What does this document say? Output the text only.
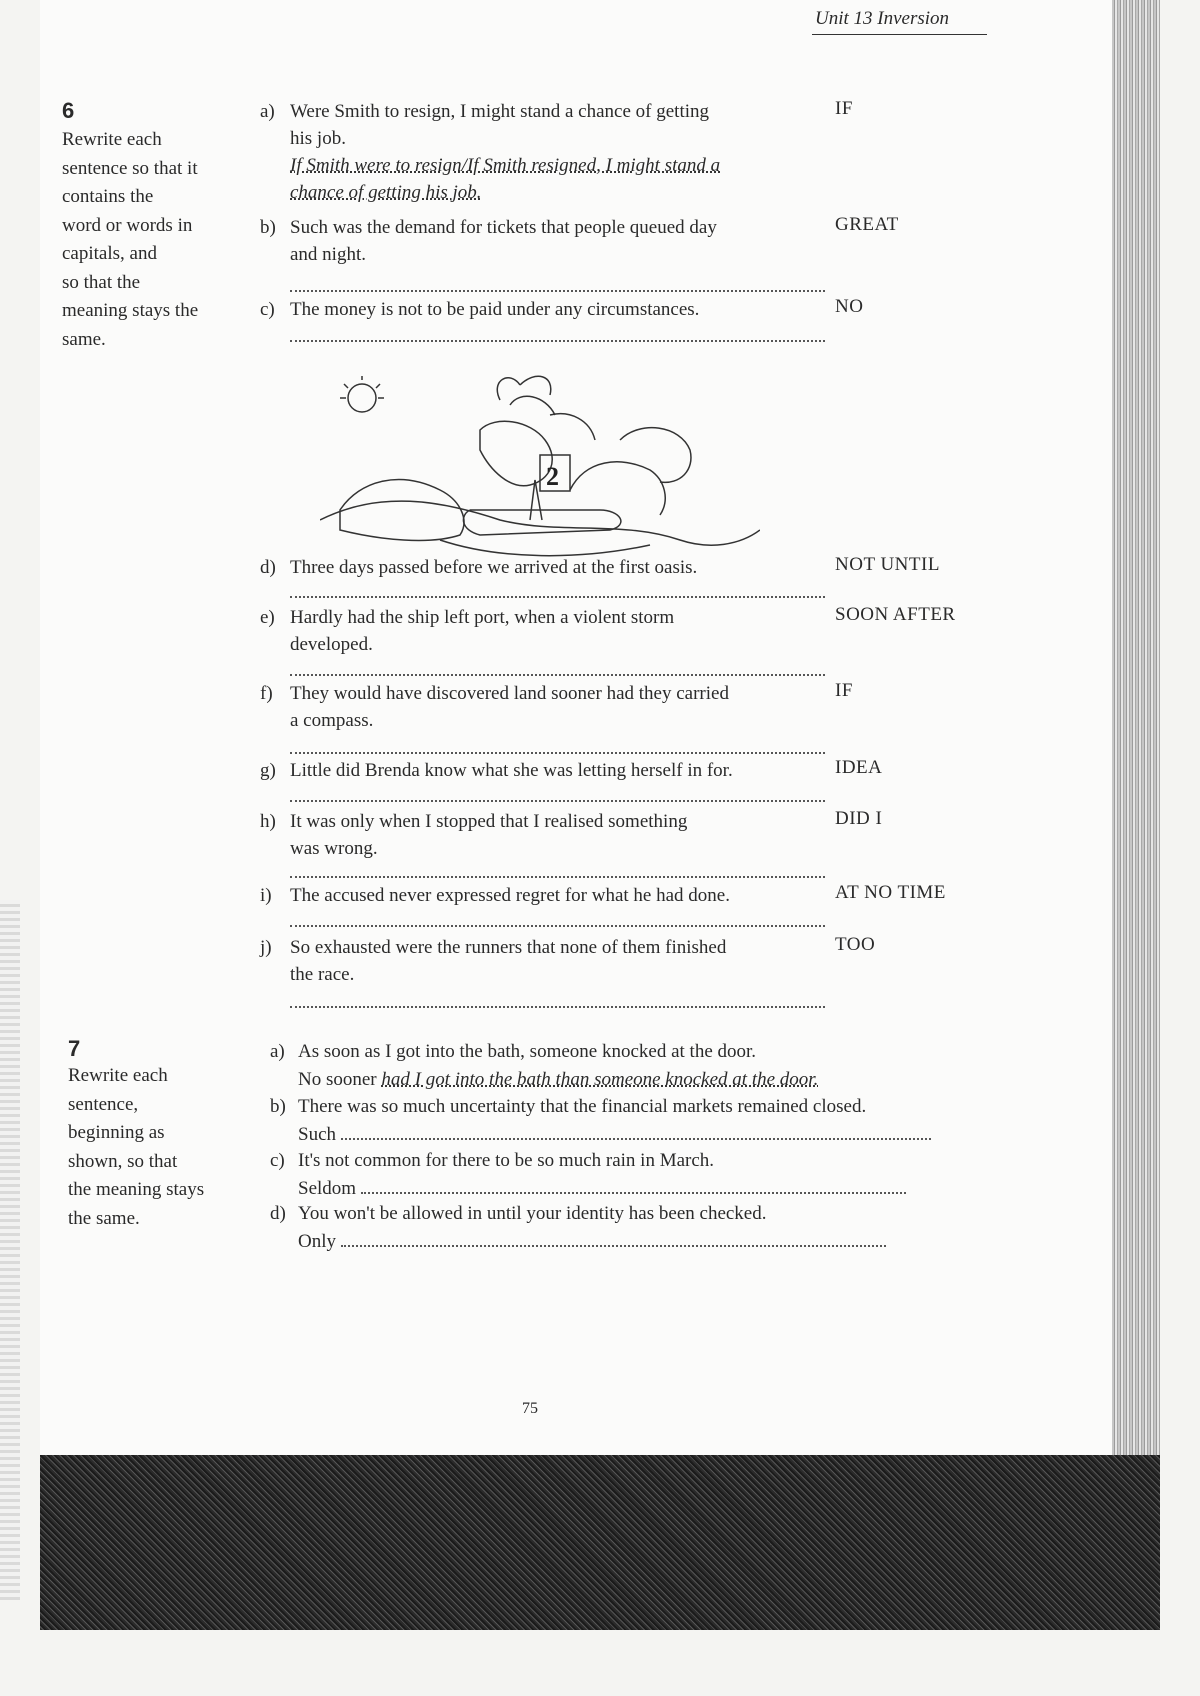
Unit 13 Inversion
6
Rewrite each
sentence so that it
contains the
word or words in
capitals, and
so that the
meaning stays the
same.
a) Were Smith to resign, I might stand a chance of getting
his job.
If Smith were to resign/If Smith resigned, I might stand a
chance of getting his job.
IF
b) Such was the demand for tickets that people queued day
and night.
GREAT
c) The money is not to be paid under any circumstances.	NO
2
d) Three days passed before we arrived at the first oasis.	NOT UNTIL
e) Hardly had the ship left port, when a violent storm
developed.
SOON AFTER
f) They would have discovered land sooner had they carried
a compass.
IF
g) Little did Brenda know what she was letting herself in for.	IDEA
h) It was only when I stopped that I realised something
was wrong.
DID I
i) The accused never expressed regret for what he had done.	AT NO TIME
j) So exhausted were the runners that none of them finished
the race.
TOO
7
Rewrite each
sentence,
beginning as
shown, so that
the meaning stays
the same.
a) As soon as I got into the bath, someone knocked at the door.
No sooner had I got into the bath than someone knocked at the door.
b) There was so much uncertainty that the financial markets remained closed.
Such
c) It's not common for there to be so much rain in March.
Seldom
d) You won't be allowed in until your identity has been checked.
Only
75
